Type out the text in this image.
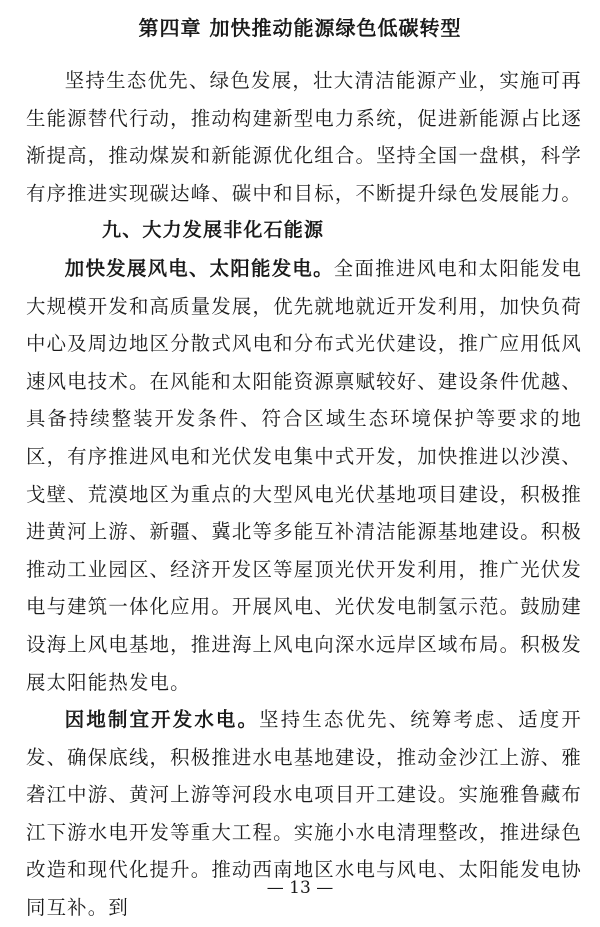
第四章 加快推动能源绿色低碳转型

坚持生态优先、绿色发展，壮大清洁能源产业，实施可再生能源替代行动，推动构建新型电力系统，促进新能源占比逐渐提高，推动煤炭和新能源优化组合。坚持全国一盘棋，科学有序推进实现碳达峰、碳中和目标，不断提升绿色发展能力。

九、大力发展非化石能源

加快发展风电、太阳能发电。全面推进风电和太阳能发电大规模开发和高质量发展，优先就地就近开发利用，加快负荷中心及周边地区分散式风电和分布式光伏建设，推广应用低风速风电技术。在风能和太阳能资源禀赋较好、建设条件优越、具备持续整装开发条件、符合区域生态环境保护等要求的地区，有序推进风电和光伏发电集中式开发，加快推进以沙漠、戈壁、荒漠地区为重点的大型风电光伏基地项目建设，积极推进黄河上游、新疆、冀北等多能互补清洁能源基地建设。积极推动工业园区、经济开发区等屋顶光伏开发利用，推广光伏发电与建筑一体化应用。开展风电、光伏发电制氢示范。鼓励建设海上风电基地，推进海上风电向深水远岸区域布局。积极发展太阳能热发电。

因地制宜开发水电。坚持生态优先、统筹考虑、适度开发、确保底线，积极推进水电基地建设，推动金沙江上游、雅砻江中游、黄河上游等河段水电项目开工建设。实施雅鲁藏布江下游水电开发等重大工程。实施小水电清理整改，推进绿色改造和现代化提升。推动西南地区水电与风电、太阳能发电协同互补。到

— 13 —
